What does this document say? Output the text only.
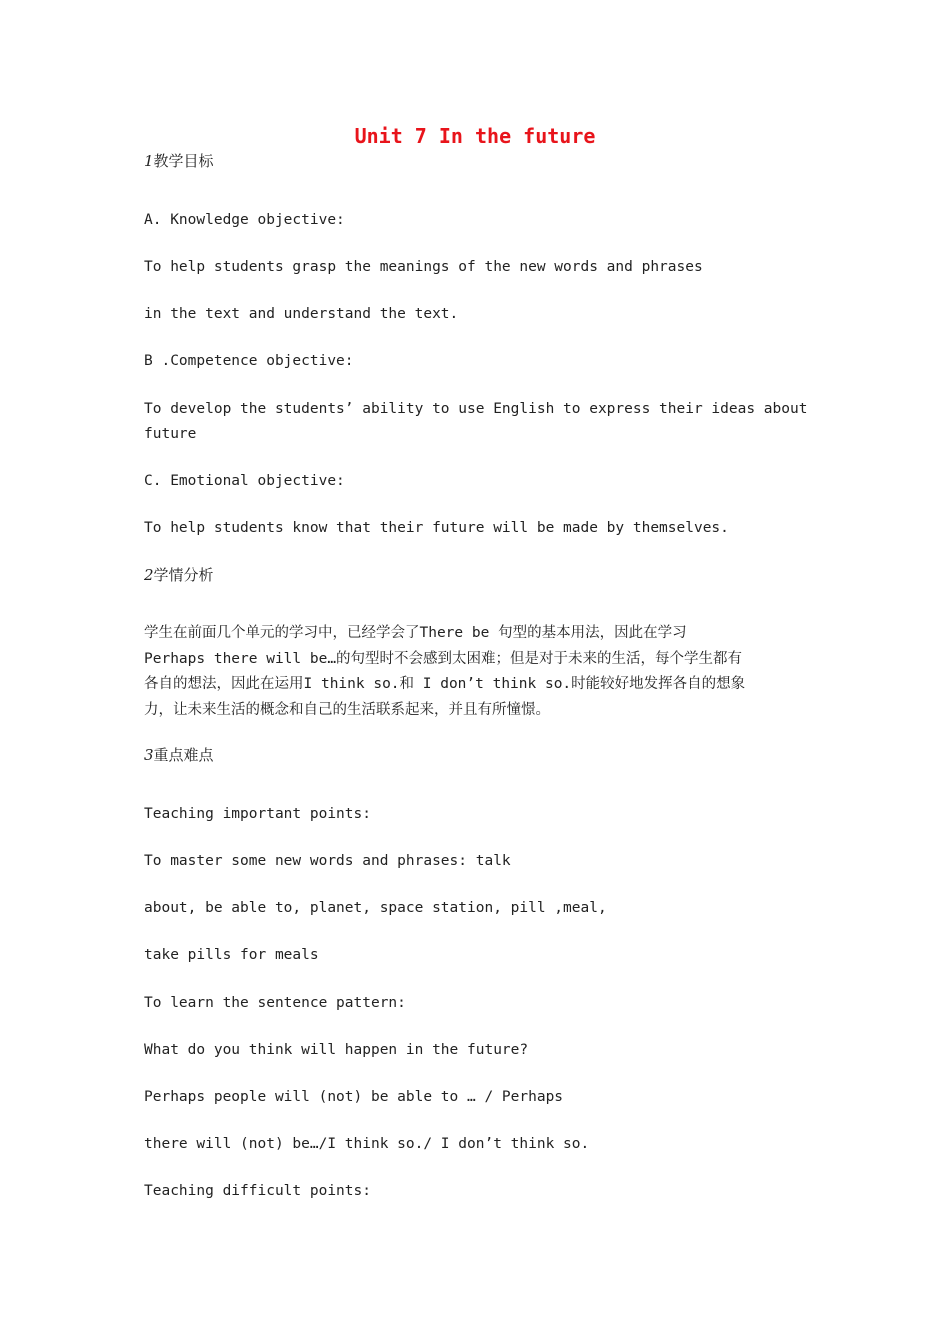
Unit 7 In the future
1教学目标
A. Knowledge objective:
To help students grasp the meanings of the new words and phrases
in the text and understand the text.
B .Competence objective:
To develop the students’ ability to use English to express their ideas about
future
C. Emotional objective:
To help students know that their future will be made by themselves.
2学情分析
学生在前面几个单元的学习中，已经学会了There be 句型的基本用法，因此在学习
Perhaps there will be…的句型时不会感到太困难；但是对于未来的生活，每个学生都有
各自的想法，因此在运用I think so.和 I don’t think so.时能较好地发挥各自的想象
力，让未来生活的概念和自己的生活联系起来，并且有所憧憬。
3重点难点
Teaching important points:
To master some new words and phrases: talk
about, be able to, planet, space station, pill ,meal,
take pills for meals
To learn the sentence pattern:
What do you think will happen in the future?
Perhaps people will (not) be able to … / Perhaps
there will (not) be…/I think so./ I don’t think so.
Teaching difficult points:
